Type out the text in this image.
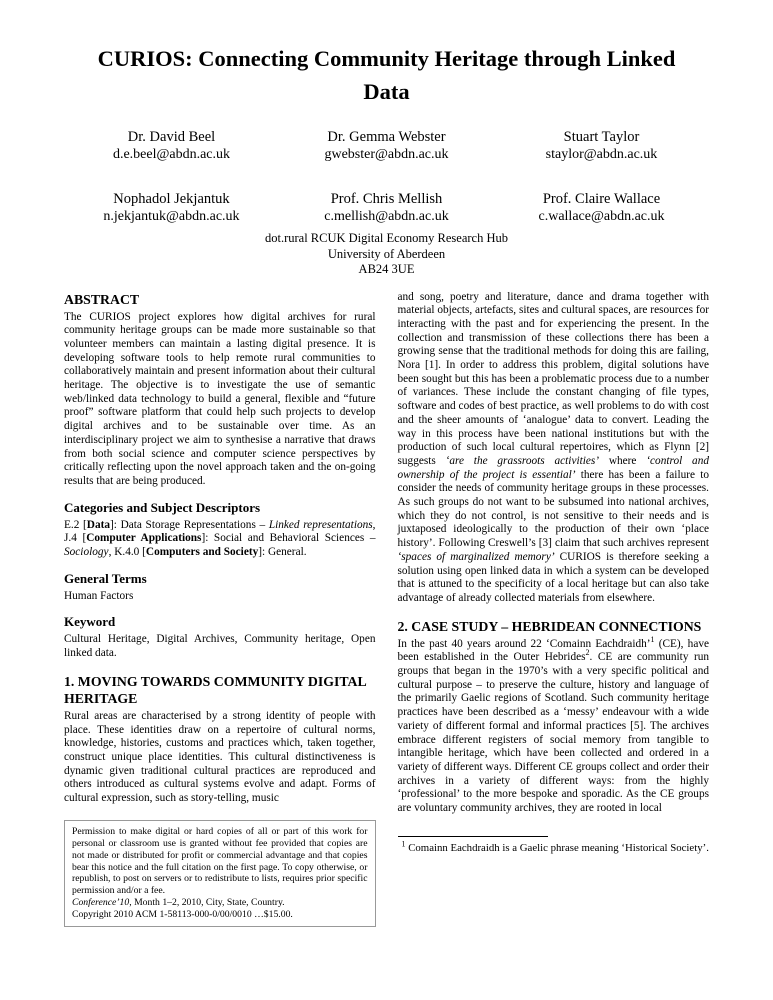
CURIOS: Connecting Community Heritage through Linked Data
Dr. David Beel
d.e.beel@abdn.ac.uk
Dr. Gemma Webster
gwebster@abdn.ac.uk
Stuart Taylor
staylor@abdn.ac.uk
Nophadol Jekjantuk
n.jekjantuk@abdn.ac.uk
Prof. Chris Mellish
c.mellish@abdn.ac.uk
Prof. Claire Wallace
c.wallace@abdn.ac.uk
dot.rural RCUK Digital Economy Research Hub
University of Aberdeen
AB24 3UE
ABSTRACT

The CURIOS project explores how digital archives for rural community heritage groups can be made more sustainable so that volunteer members can maintain a lasting digital presence. It is developing software tools to help remote rural communities to collaboratively maintain and present information about their cultural heritage. The objective is to investigate the use of semantic web/linked data technology to build a general, flexible and “future proof” software platform that could help such projects to develop digital archives and to be sustainable over time. As an interdisciplinary project we aim to synthesise a narrative that draws from both social science and computer science perspectives by critically reflecting upon the novel approach taken and the on-going results that are being produced.

Categories and Subject Descriptors

E.2 [Data]: Data Storage Representations – Linked representations, J.4 [Computer Applications]: Social and Behavioral Sciences – Sociology, K.4.0 [Computers and Society]: General.

General Terms

Human Factors

Keyword

Cultural Heritage, Digital Archives, Community heritage, Open linked data.

1. MOVING TOWARDS COMMUNITY DIGITAL HERITAGE

Rural areas are characterised by a strong identity of people with place. These identities draw on a repertoire of cultural norms, knowledge, histories, customs and practices which, taken together, construct unique place identities. This cultural distinctiveness is dynamic given traditional cultural practices are reproduced and others introduced as cultural systems evolve and adapt. Forms of cultural expression, such as story-telling, music

Permission to make digital or hard copies of all or part of this work for personal or classroom use is granted without fee provided that copies are not made or distributed for profit or commercial advantage and that copies bear this notice and the full citation on the first page. To copy otherwise, or republish, to post on servers or to redistribute to lists, requires prior specific permission and/or a fee.

Conference’10, Month 1–2, 2010, City, State, Country.

Copyright 2010 ACM 1-58113-000-0/00/0010 …$15.00.

and song, poetry and literature, dance and drama together with material objects, artefacts, sites and cultural spaces, are resources for interacting with the past and for experiencing the present. In the collection and transmission of these collections there has been a growing sense that the traditional methods for doing this are failing, Nora [1]. In order to address this problem, digital solutions have been sought but this has been a problematic process due to a number of variances. These include the constant changing of file types, software and codes of best practice, as well problems to do with cost and the sheer amounts of ‘analogue’ data to convert. Leading the way in this process have been national institutions but with the production of such local cultural repertoires, which as Flynn [2] suggests ‘are the grassroots activities’ where ‘control and ownership of the project is essential’ there has been a failure to consider the needs of community heritage groups in these processes. As such groups do not want to be subsumed into national archives, which they do not control, is not sensitive to their needs and is juxtaposed ideologically to the production of their own ‘place history’. Following Creswell’s [3] claim that such archives represent ‘spaces of marginalized memory’ CURIOS is therefore seeking a solution using open linked data in which a system can be developed that is attuned to the specificity of a local heritage but can also take advantage of already collected materials from elsewhere.

2. CASE STUDY – HEBRIDEAN CONNECTIONS

In the past 40 years around 22 ‘Comainn Eachdraidh’$^1$ (CE), have been established in the Outer Hebrides$^2$. CE are community run groups that began in the 1970’s with a very specific political and cultural purpose – to preserve the culture, history and language of the primarily Gaelic regions of Scotland. Such community heritage practices have been described as a ‘messy’ endeavour with a wide variety of different formal and informal practices [5]. The archives embrace different registers of social memory from tangible to intangible heritage, which have been collected and ordered in a variety of different ways. Different CE groups collect and order their archives in a variety of different ways: from the highly ‘professional’ to the more bespoke and sporadic. As the CE groups are voluntary community archives, they are rooted in local

$^1$ Comainn Eachdraidh is a Gaelic phrase meaning ‘Historical Society’.
